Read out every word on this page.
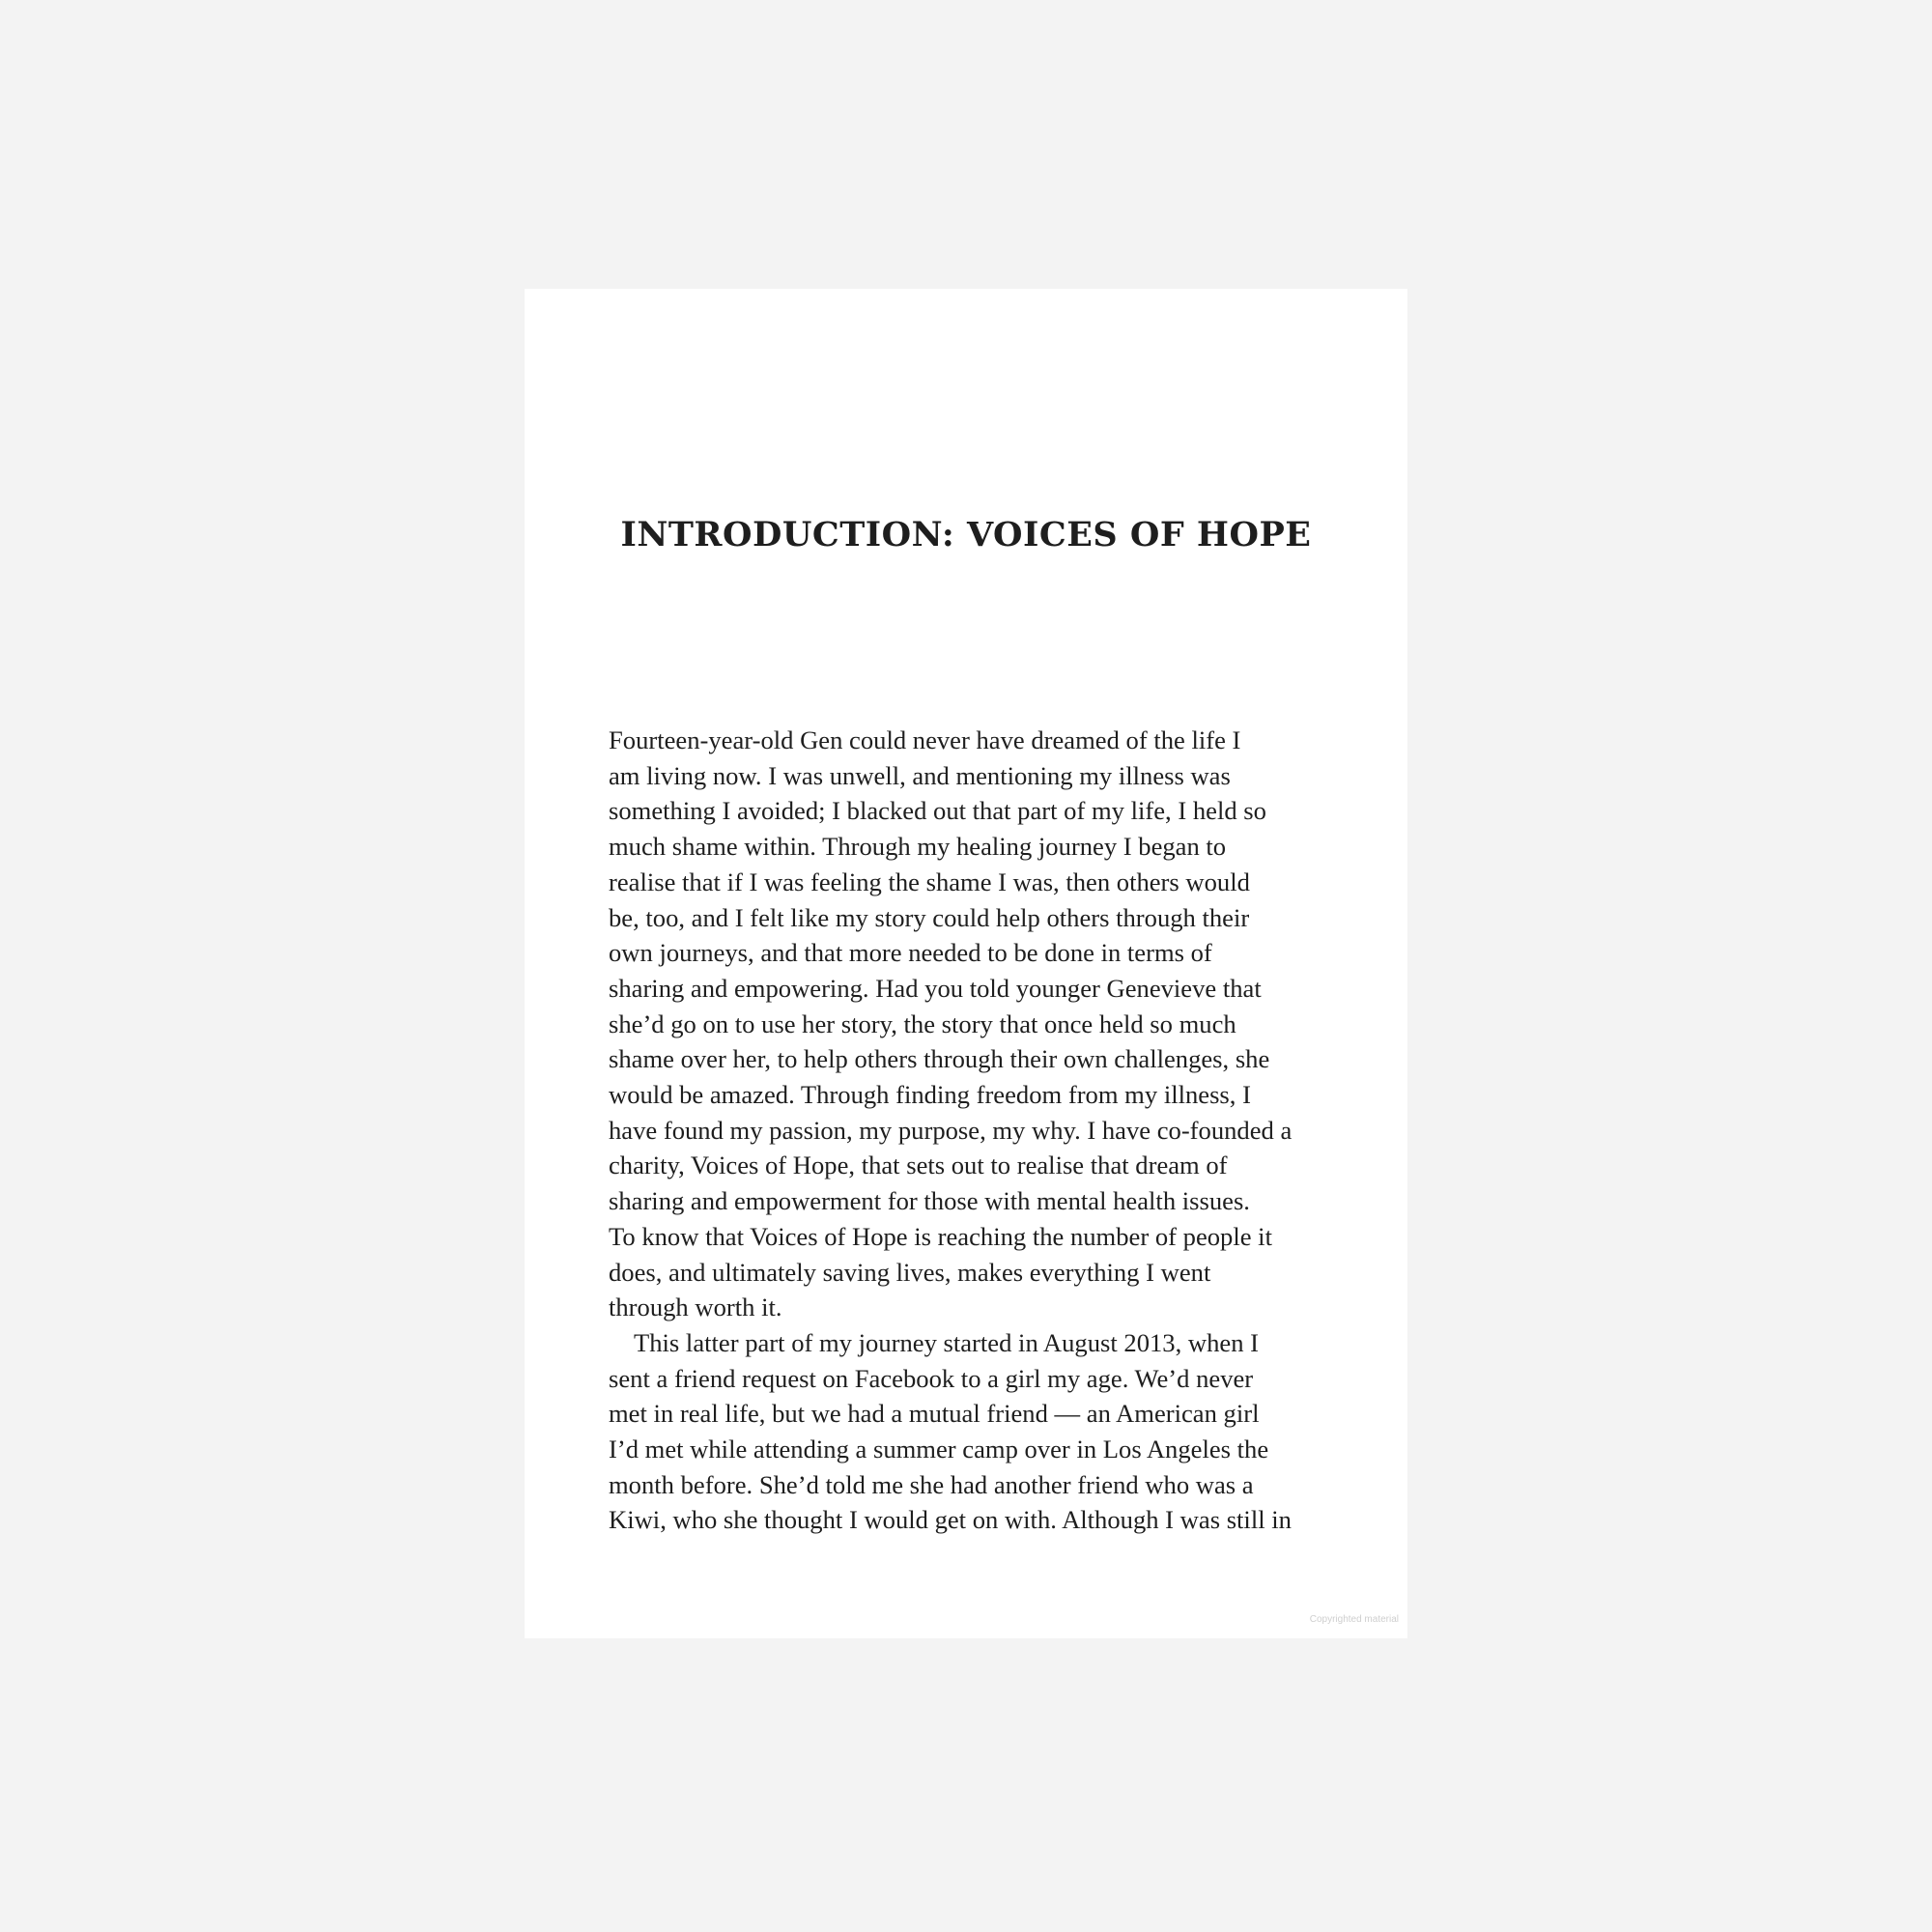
INTRODUCTION: VOICES OF HOPE

Fourteen-year-old Gen could never have dreamed of the life I
am living now. I was unwell, and mentioning my illness was
something I avoided; I blacked out that part of my life, I held so
much shame within. Through my healing journey I began to
realise that if I was feeling the shame I was, then others would
be, too, and I felt like my story could help others through their
own journeys, and that more needed to be done in terms of
sharing and empowering. Had you told younger Genevieve that
she’d go on to use her story, the story that once held so much
shame over her, to help others through their own challenges, she
would be amazed. Through finding freedom from my illness, I
have found my passion, my purpose, my why. I have co-founded a
charity, Voices of Hope, that sets out to realise that dream of
sharing and empowerment for those with mental health issues.
To know that Voices of Hope is reaching the number of people it
does, and ultimately saving lives, makes everything I went
through worth it.

This latter part of my journey started in August 2013, when I
sent a friend request on Facebook to a girl my age. We’d never
met in real life, but we had a mutual friend — an American girl
I’d met while attending a summer camp over in Los Angeles the
month before. She’d told me she had another friend who was a
Kiwi, who she thought I would get on with. Although I was still in

Copyrighted material
